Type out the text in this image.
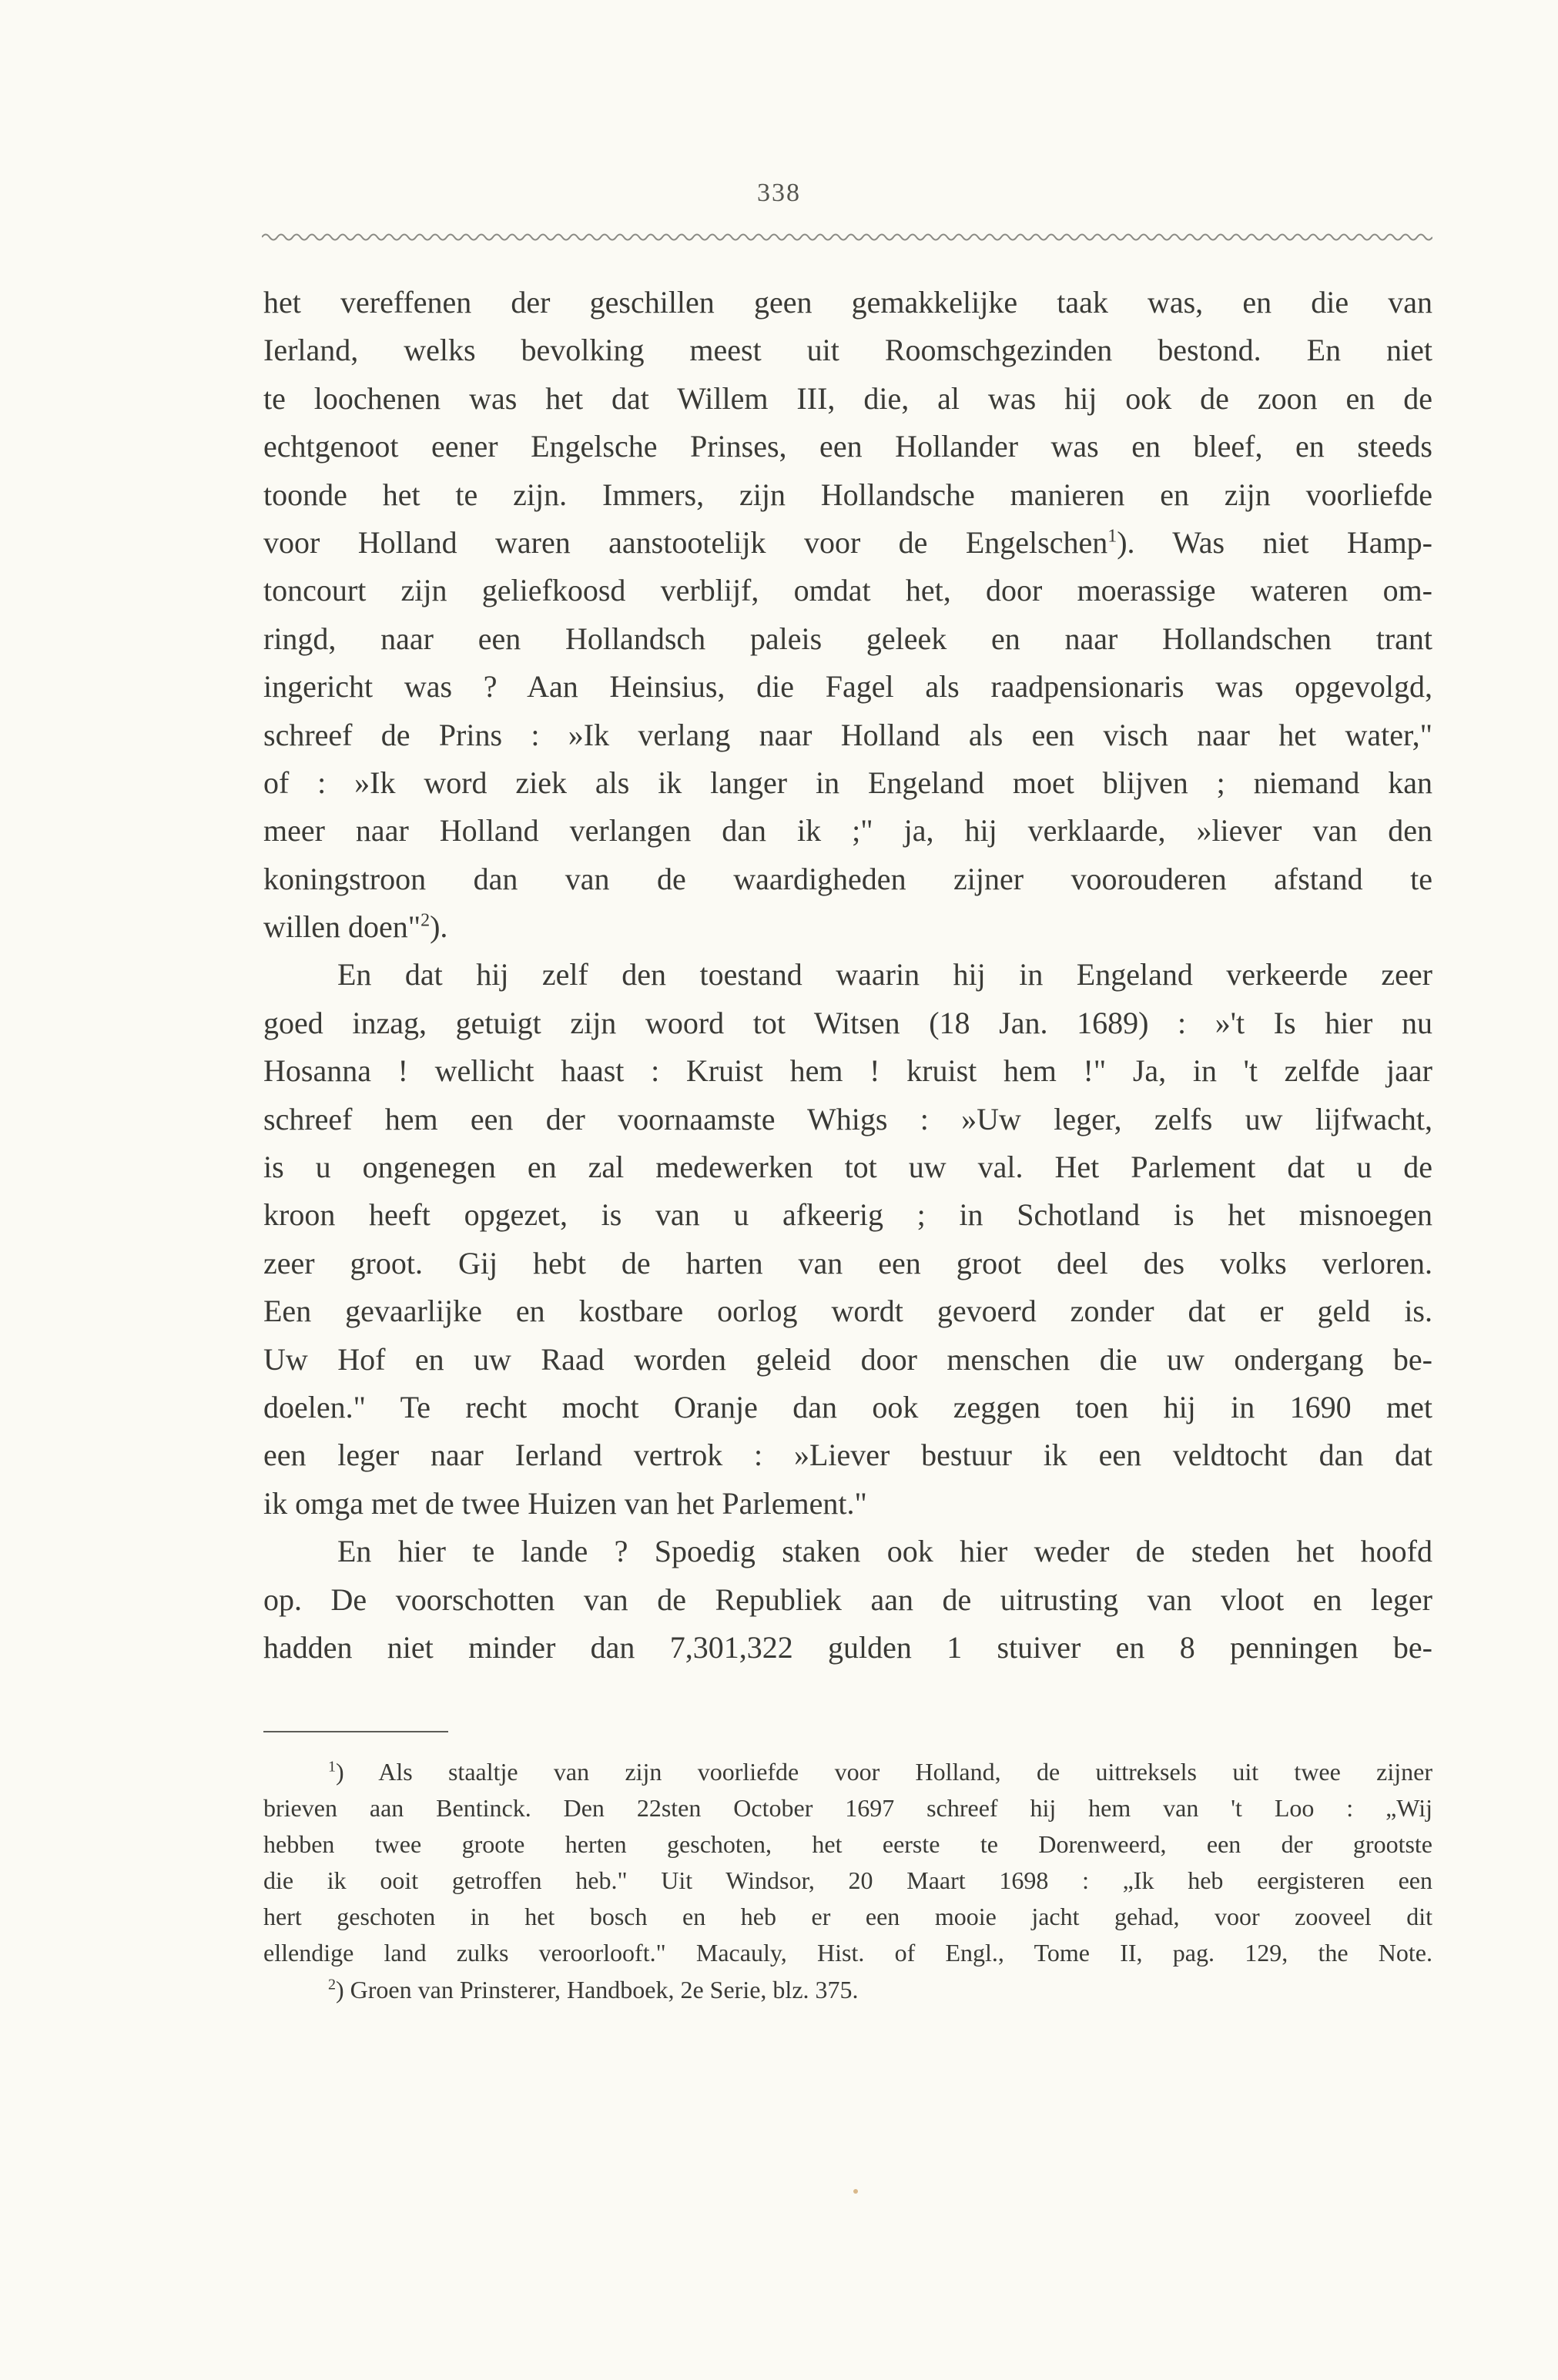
338
het vereffenen der geschillen geen gemakkelijke taak was, en die van
Ierland, welks bevolking meest uit Roomschgezinden bestond. En niet
te loochenen was het dat Willem III, die, al was hij ook de zoon en de
echtgenoot eener Engelsche Prinses, een Hollander was en bleef, en steeds
toonde het te zijn. Immers, zijn Hollandsche manieren en zijn voorliefde
voor Holland waren aanstootelijk voor de Engelschen$^1$). Was niet Hamp-
toncourt zijn geliefkoosd verblijf, omdat het, door moerassige wateren om-
ringd, naar een Hollandsch paleis geleek en naar Hollandschen trant
ingericht was ? Aan Heinsius, die Fagel als raadpensionaris was opgevolgd,
schreef de Prins : »Ik verlang naar Holland als een visch naar het water,"
of : »Ik word ziek als ik langer in Engeland moet blijven ; niemand kan
meer naar Holland verlangen dan ik ;" ja, hij verklaarde, »liever van den
koningstroon dan van de waardigheden zijner voorouderen afstand te
willen doen"$^2$).
En dat hij zelf den toestand waarin hij in Engeland verkeerde zeer
goed inzag, getuigt zijn woord tot Witsen (18 Jan. 1689) : »'t Is hier nu
Hosanna ! wellicht haast : Kruist hem ! kruist hem !" Ja, in 't zelfde jaar
schreef hem een der voornaamste Whigs : »Uw leger, zelfs uw lijfwacht,
is u ongenegen en zal medewerken tot uw val. Het Parlement dat u de
kroon heeft opgezet, is van u afkeerig ; in Schotland is het misnoegen
zeer groot. Gij hebt de harten van een groot deel des volks verloren.
Een gevaarlijke en kostbare oorlog wordt gevoerd zonder dat er geld is.
Uw Hof en uw Raad worden geleid door menschen die uw ondergang be-
doelen." Te recht mocht Oranje dan ook zeggen toen hij in 1690 met
een leger naar Ierland vertrok : »Liever bestuur ik een veldtocht dan dat
ik omga met de twee Huizen van het Parlement."
En hier te lande ? Spoedig staken ook hier weder de steden het hoofd
op. De voorschotten van de Republiek aan de uitrusting van vloot en leger
hadden niet minder dan 7,301,322 gulden 1 stuiver en 8 penningen be-
$^1$) Als staaltje van zijn voorliefde voor Holland, de uittreksels uit twee zijner
brieven aan Bentinck. Den 22sten October 1697 schreef hij hem van 't Loo : „Wij
hebben twee groote herten geschoten, het eerste te Dorenweerd, een der grootste
die ik ooit getroffen heb." Uit Windsor, 20 Maart 1698 : „Ik heb eergisteren een
hert geschoten in het bosch en heb er een mooie jacht gehad, voor zooveel dit
ellendige land zulks veroorlooft." Macauly, Hist. of Engl., Tome II, pag. 129, the Note.
$^2$) Groen van Prinsterer, Handboek, 2e Serie, blz. 375.
